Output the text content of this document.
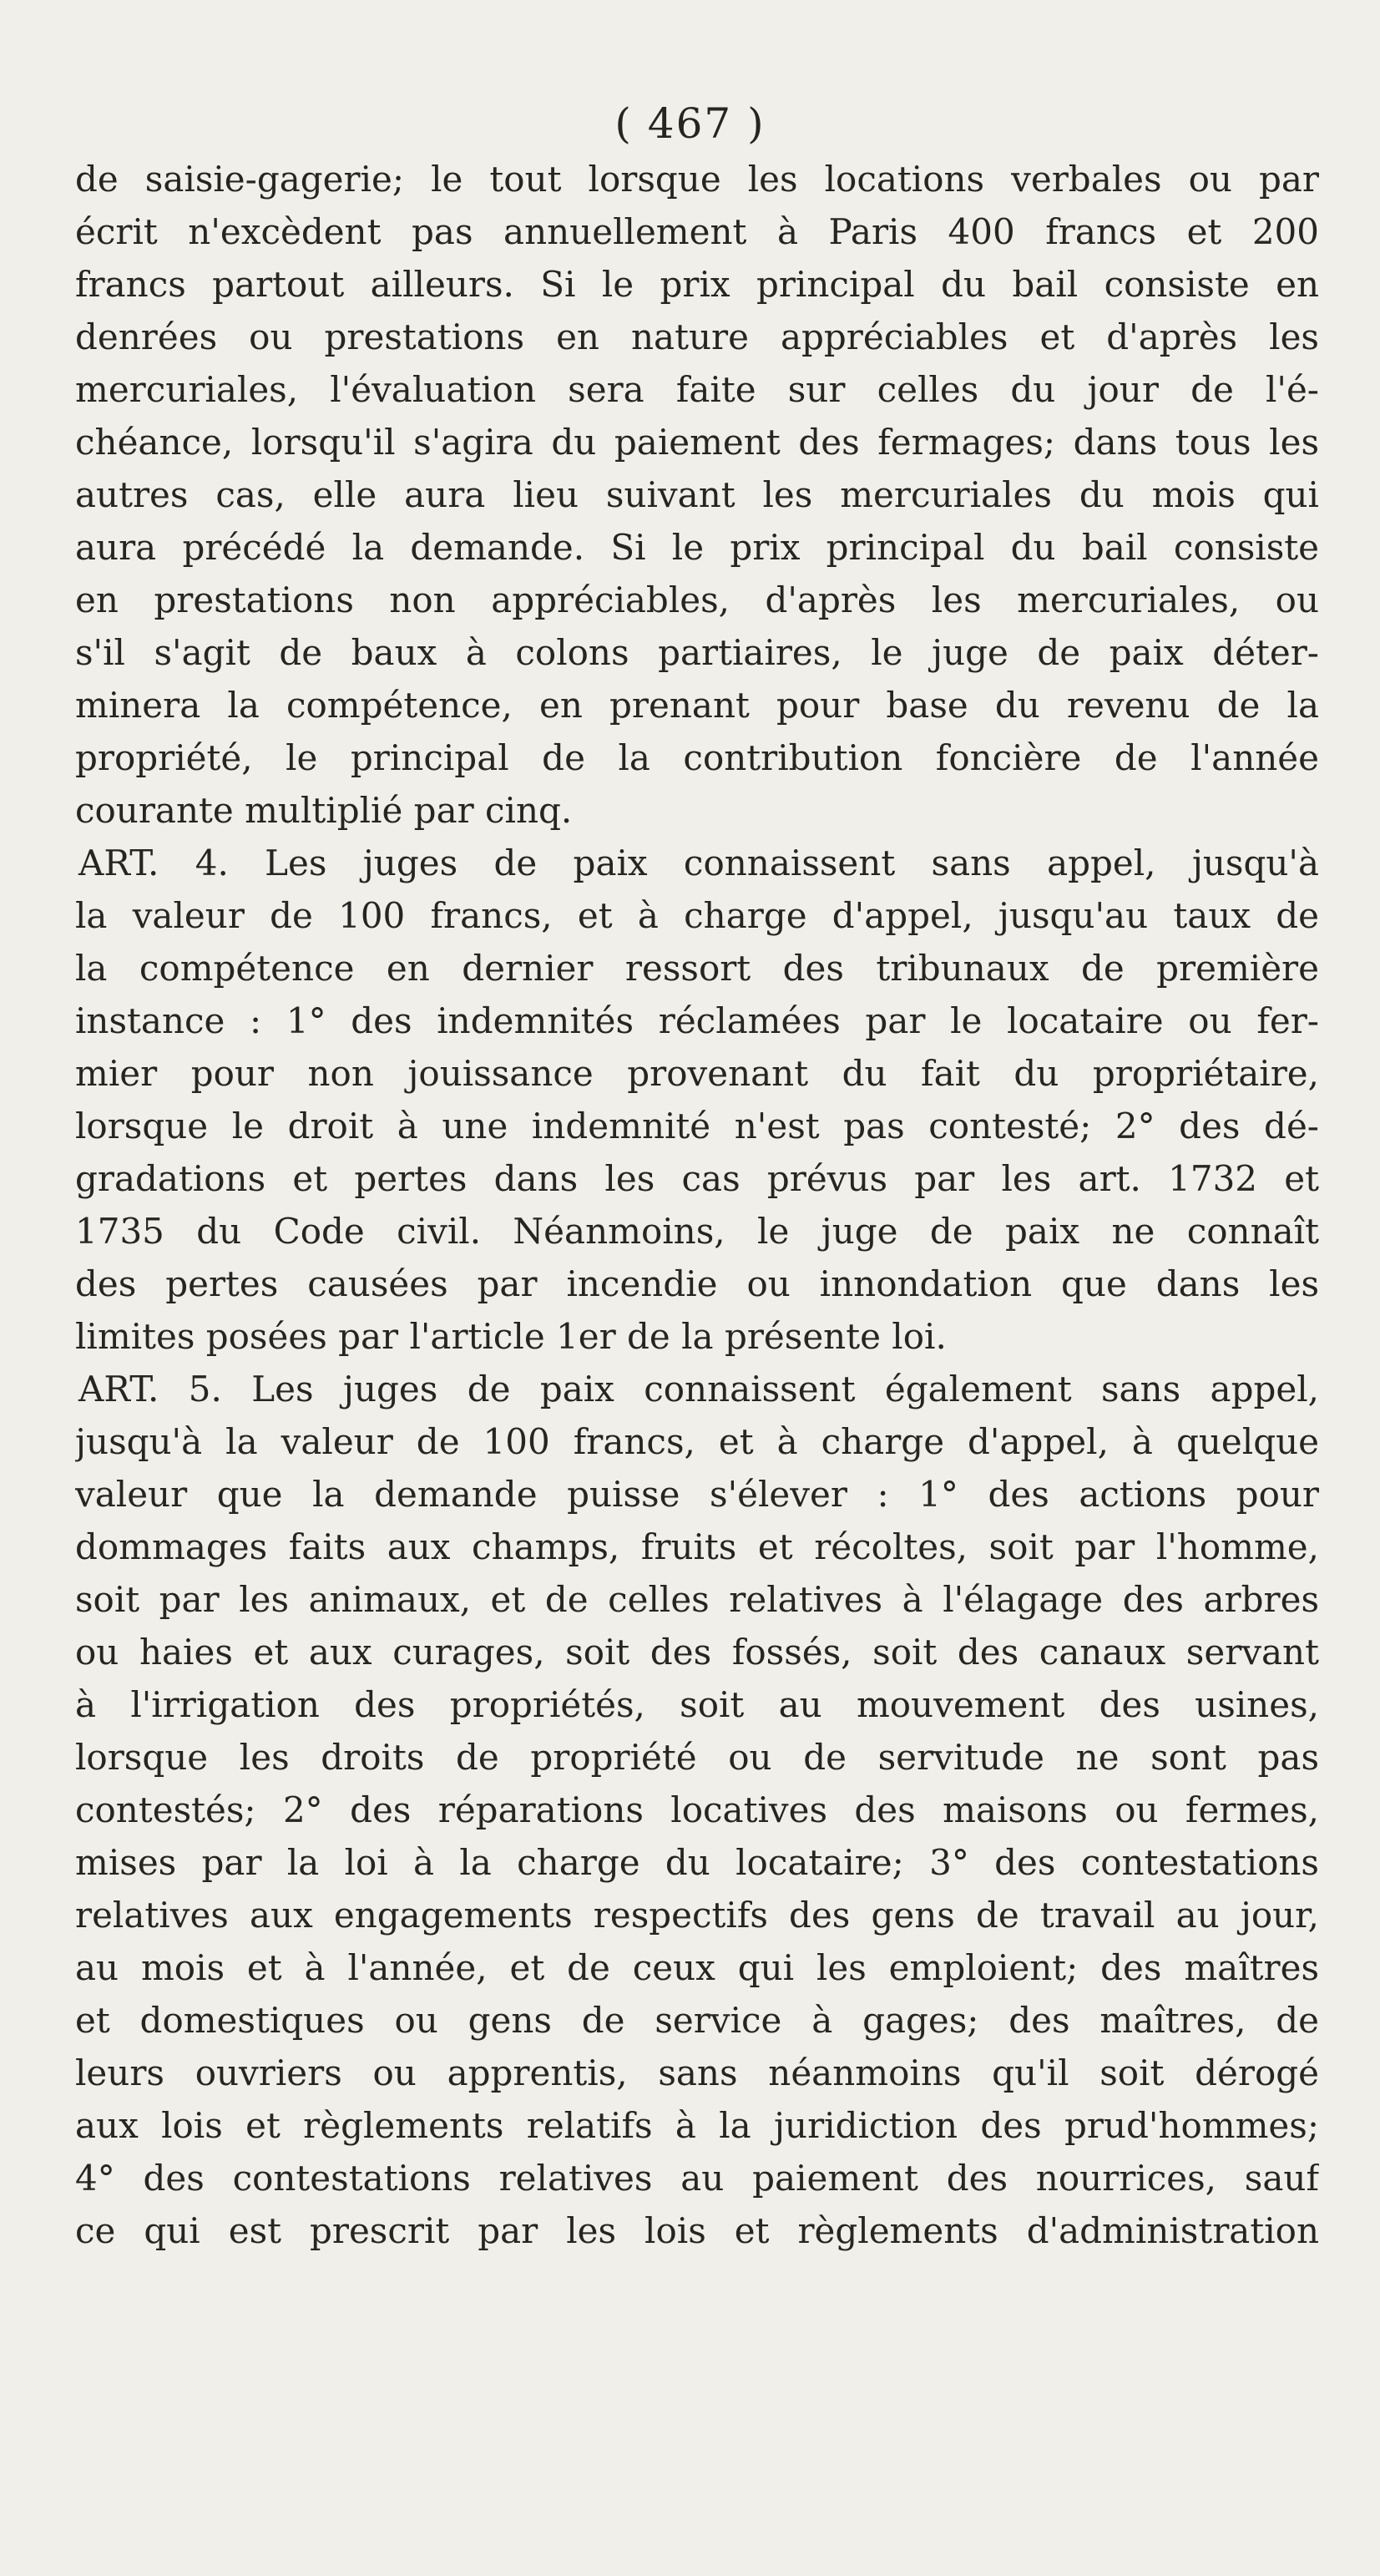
( 467 )
de saisie-gagerie; le tout lorsque les locations verbales ou par
écrit n'excèdent pas annuellement à Paris 400 francs et 200
francs partout ailleurs. Si le prix principal du bail consiste en
denrées ou prestations en nature appréciables et d'après les
mercuriales, l'évaluation sera faite sur celles du jour de l'é-
chéance, lorsqu'il s'agira du paiement des fermages; dans tous les
autres cas, elle aura lieu suivant les mercuriales du mois qui
aura précédé la demande. Si le prix principal du bail consiste
en prestations non appréciables, d'après les mercuriales, ou
s'il s'agit de baux à colons partiaires, le juge de paix déter-
minera la compétence, en prenant pour base du revenu de la
propriété, le principal de la contribution foncière de l'année
courante multiplié par cinq.
ART. 4. Les juges de paix connaissent sans appel, jusqu'à
la valeur de 100 francs, et à charge d'appel, jusqu'au taux de
la compétence en dernier ressort des tribunaux de première
instance : 1° des indemnités réclamées par le locataire ou fer-
mier pour non jouissance provenant du fait du propriétaire,
lorsque le droit à une indemnité n'est pas contesté; 2° des dé-
gradations et pertes dans les cas prévus par les art. 1732 et
1735 du Code civil. Néanmoins, le juge de paix ne connaît
des pertes causées par incendie ou innondation que dans les
limites posées par l'article 1er de la présente loi.
ART. 5. Les juges de paix connaissent également sans appel,
jusqu'à la valeur de 100 francs, et à charge d'appel, à quelque
valeur que la demande puisse s'élever : 1° des actions pour
dommages faits aux champs, fruits et récoltes, soit par l'homme,
soit par les animaux, et de celles relatives à l'élagage des arbres
ou haies et aux curages, soit des fossés, soit des canaux servant
à l'irrigation des propriétés, soit au mouvement des usines,
lorsque les droits de propriété ou de servitude ne sont pas
contestés; 2° des réparations locatives des maisons ou fermes,
mises par la loi à la charge du locataire; 3° des contestations
relatives aux engagements respectifs des gens de travail au jour,
au mois et à l'année, et de ceux qui les emploient; des maîtres
et domestiques ou gens de service à gages; des maîtres, de
leurs ouvriers ou apprentis, sans néanmoins qu'il soit dérogé
aux lois et règlements relatifs à la juridiction des prud'hommes;
4° des contestations relatives au paiement des nourrices, sauf
ce qui est prescrit par les lois et règlements d'administration
